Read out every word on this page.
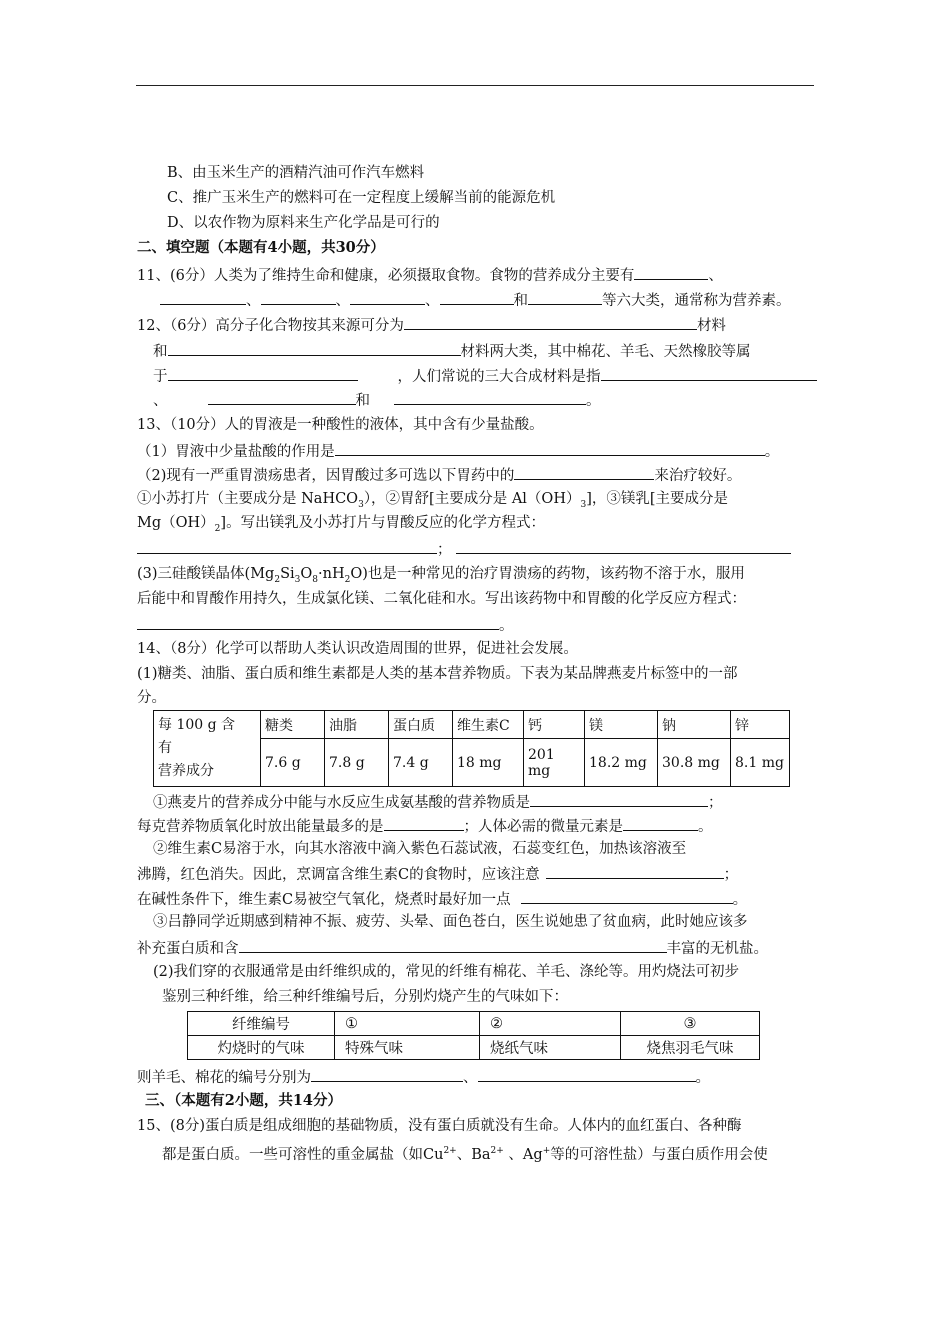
B、由玉米生产的酒精汽油可作汽车燃料
C、推广玉米生产的燃料可在一定程度上缓解当前的能源危机
D、以农作物为原料来生产化学品是可行的
二、填空题（本题有4小题，共30分）
11、(6分）人类为了维持生命和健康，必须摄取食物。食物的营养成分主要有	、
、	、	、	和	等六大类，通常称为营养素。
12、（6分）高分子化合物按其来源可分为	材料
和	材料两大类，其中棉花、羊毛、天然橡胶等属
于	，人们常说的三大合成材料是指
、	和	。
13、（10分）人的胃液是一种酸性的液体，其中含有少量盐酸。
（1）胃液中少量盐酸的作用是	。
（2)现有一严重胃溃疡患者，因胃酸过多可选以下胃药中的	来治疗较好。
①小苏打片（主要成分是 NaHCO$_3$），②胃舒[主要成分是 $Al(OH)_3$]，③镁乳[主要成分是
$Mg(OH)_2$]。写出镁乳及小苏打片与胃酸反应的化学方程式：
；
(3)三硅酸镁晶体$(Mg_2Si_3O_8\cdot nH_2O)$也是一种常见的治疗胃溃疡的药物，该药物不溶于水，服用
后能中和胃酸作用持久，生成氯化镁、二氧化硅和水。写出该药物中和胃酸的化学反应方程式：
。
14、（8分）化学可以帮助人类认识改造周围的世界，促进社会发展。
(1)糖类、油脂、蛋白质和维生素都是人类的基本营养物质。下表为某品牌燕麦片标签中的一部
分。
每 100 g 含
有
营养成分	糖类	油脂	蛋白质	维生素C	钙	镁	钠	锌
	7.6 g	7.8 g	7.4 g	18 mg	201 mg	18.2 mg	30.8 mg	8.1 mg
①燕麦片的营养成分中能与水反应生成氨基酸的营养物质是	；
每克营养物质氧化时放出能量最多的是	；人体必需的微量元素是	。
②维生素C易溶于水，向其水溶液中滴入紫色石蕊试液，石蕊变红色，加热该溶液至
沸腾，红色消失。因此，烹调富含维生素C的食物时，应该注意	；
在碱性条件下，维生素C易被空气氧化，烧煮时最好加一点	。
③吕静同学近期感到精神不振、疲劳、头晕、面色苍白，医生说她患了贫血病，此时她应该多
补充蛋白质和含	丰富的无机盐。
(2)我们穿的衣服通常是由纤维织成的，常见的纤维有棉花、羊毛、涤纶等。用灼烧法可初步
鉴别三种纤维，给三种纤维编号后，分别灼烧产生的气味如下：
纤维编号	①	②	③
灼烧时的气味	特殊气味	烧纸气味	烧焦羽毛气味
则羊毛、棉花的编号分别为	、	。
三、（本题有2小题，共14分）
15、(8分)蛋白质是组成细胞的基础物质，没有蛋白质就没有生命。人体内的血红蛋白、各种酶
都是蛋白质。一些可溶性的重金属盐（如$Cu^{2+}$、$Ba^{2+}$ 、Ag+等的可溶性盐）与蛋白质作用会使
